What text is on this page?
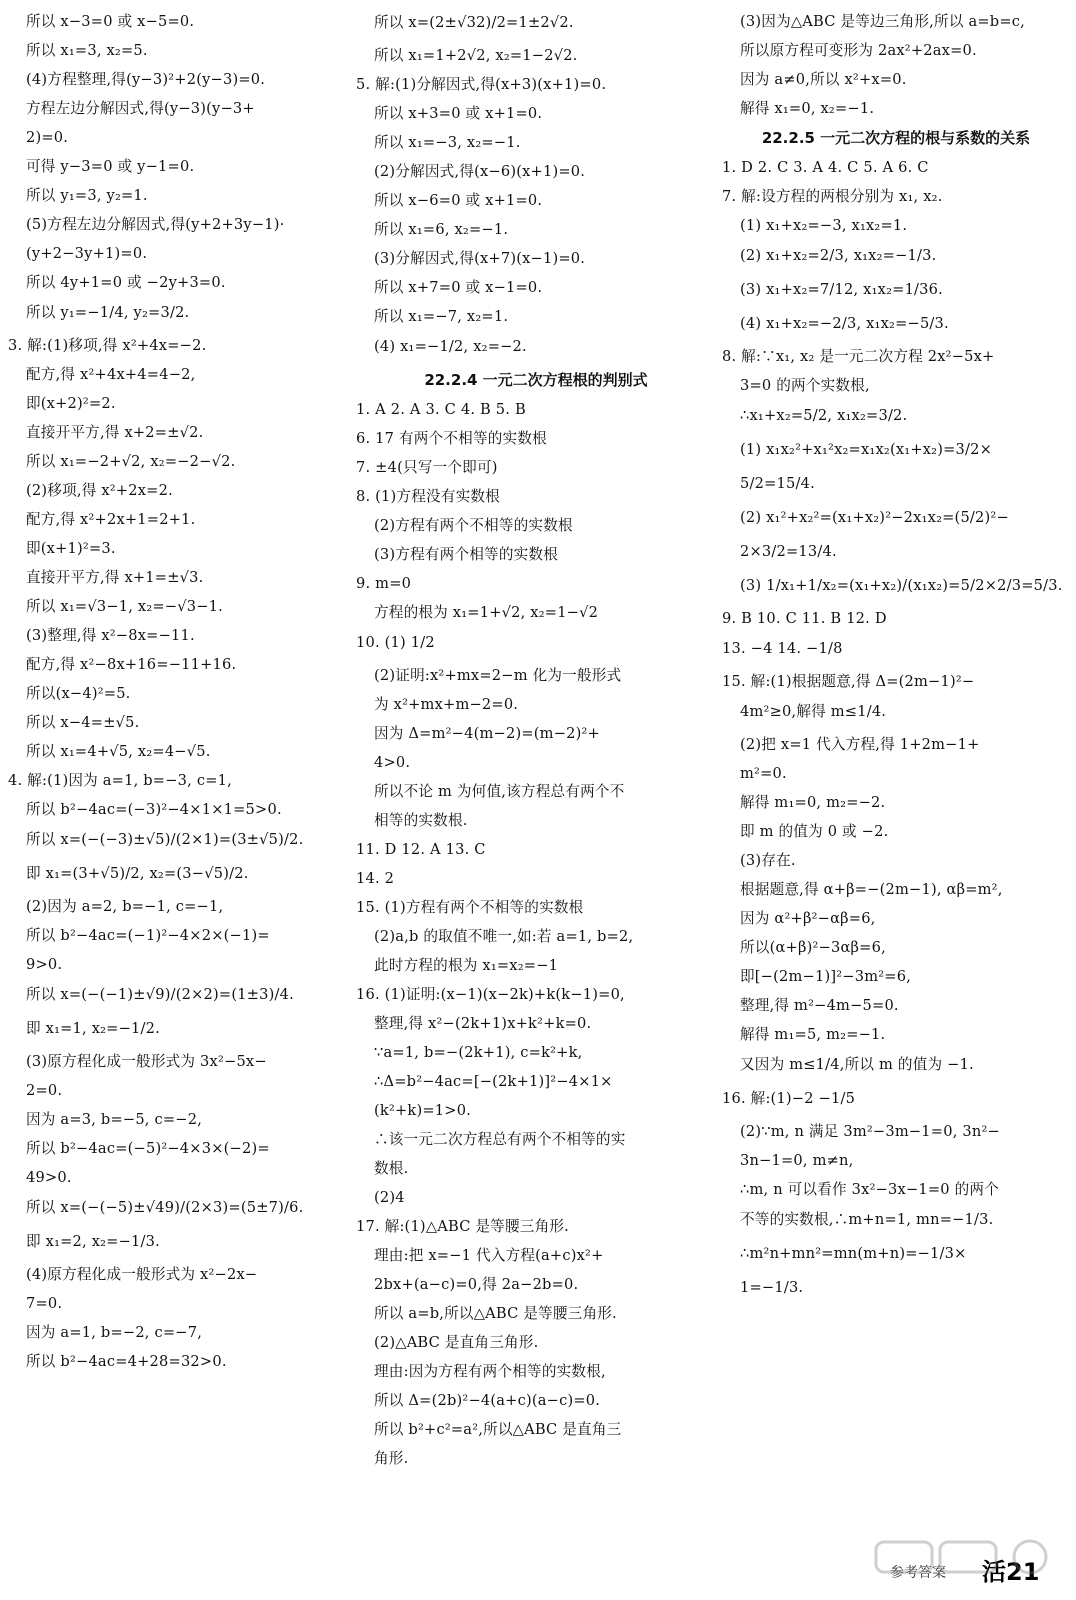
所以 x−3=0 或 x−5=0.
所以 x₁=3, x₂=5.
(4)方程整理,得(y−3)²+2(y−3)=0.
方程左边分解因式,得(y−3)(y−3+
2)=0.
可得 y−3=0 或 y−1=0.
所以 y₁=3, y₂=1.
(5)方程左边分解因式,得(y+2+3y−1)·
(y+2−3y+1)=0.
所以 4y+1=0 或 −2y+3=0.
所以 y₁=−1/4, y₂=3/2.
3. 解:(1)移项,得 x²+4x=−2.
配方,得 x²+4x+4=4−2,
即(x+2)²=2.
直接开平方,得 x+2=±√2.
所以 x₁=−2+√2, x₂=−2−√2.
(2)移项,得 x²+2x=2.
配方,得 x²+2x+1=2+1.
即(x+1)²=3.
直接开平方,得 x+1=±√3.
所以 x₁=√3−1, x₂=−√3−1.
(3)整理,得 x²−8x=−11.
配方,得 x²−8x+16=−11+16.
所以(x−4)²=5.
所以 x−4=±√5.
所以 x₁=4+√5, x₂=4−√5.
4. 解:(1)因为 a=1, b=−3, c=1,
所以 b²−4ac=(−3)²−4×1×1=5>0.
所以 x=(−(−3)±√5)/(2×1)=(3±√5)/2.
即 x₁=(3+√5)/2, x₂=(3−√5)/2.
(2)因为 a=2, b=−1, c=−1,
所以 b²−4ac=(−1)²−4×2×(−1)=
9>0.
所以 x=(−(−1)±√9)/(2×2)=(1±3)/4.
即 x₁=1, x₂=−1/2.
(3)原方程化成一般形式为 3x²−5x−
2=0.
因为 a=3, b=−5, c=−2,
所以 b²−4ac=(−5)²−4×3×(−2)=
49>0.
所以 x=(−(−5)±√49)/(2×3)=(5±7)/6.
即 x₁=2, x₂=−1/3.
(4)原方程化成一般形式为 x²−2x−
7=0.
因为 a=1, b=−2, c=−7,
所以 b²−4ac=4+28=32>0.
所以 x=(2±√32)/2=1±2√2.
所以 x₁=1+2√2, x₂=1−2√2.
5. 解:(1)分解因式,得(x+3)(x+1)=0.
所以 x+3=0 或 x+1=0.
所以 x₁=−3, x₂=−1.
(2)分解因式,得(x−6)(x+1)=0.
所以 x−6=0 或 x+1=0.
所以 x₁=6, x₂=−1.
(3)分解因式,得(x+7)(x−1)=0.
所以 x+7=0 或 x−1=0.
所以 x₁=−7, x₂=1.
(4) x₁=−1/2, x₂=−2.
22.2.4 一元二次方程根的判别式
1. A 2. A 3. C 4. B 5. B
6. 17 有两个不相等的实数根
7. ±4(只写一个即可)
8. (1)方程没有实数根
(2)方程有两个不相等的实数根
(3)方程有两个相等的实数根
9. m=0
方程的根为 x₁=1+√2, x₂=1−√2
10. (1) 1/2
(2)证明:x²+mx=2−m 化为一般形式
为 x²+mx+m−2=0.
因为 Δ=m²−4(m−2)=(m−2)²+
4>0.
所以不论 m 为何值,该方程总有两个不
相等的实数根.
11. D 12. A 13. C
14. 2
15. (1)方程有两个不相等的实数根
(2)a,b 的取值不唯一,如:若 a=1, b=2,
此时方程的根为 x₁=x₂=−1
16. (1)证明:(x−1)(x−2k)+k(k−1)=0,
整理,得 x²−(2k+1)x+k²+k=0.
∵a=1, b=−(2k+1), c=k²+k,
∴Δ=b²−4ac=[−(2k+1)]²−4×1×
(k²+k)=1>0.
∴该一元二次方程总有两个不相等的实
数根.
(2)4
17. 解:(1)△ABC 是等腰三角形.
理由:把 x=−1 代入方程(a+c)x²+
2bx+(a−c)=0,得 2a−2b=0.
所以 a=b,所以△ABC 是等腰三角形.
(2)△ABC 是直角三角形.
理由:因为方程有两个相等的实数根,
所以 Δ=(2b)²−4(a+c)(a−c)=0.
所以 b²+c²=a²,所以△ABC 是直角三
角形.
(3)因为△ABC 是等边三角形,所以 a=b=c,
所以原方程可变形为 2ax²+2ax=0.
因为 a≠0,所以 x²+x=0.
解得 x₁=0, x₂=−1.
22.2.5 一元二次方程的根与系数的关系
1. D 2. C 3. A 4. C 5. A 6. C
7. 解:设方程的两根分别为 x₁, x₂.
(1) x₁+x₂=−3, x₁x₂=1.
(2) x₁+x₂=2/3, x₁x₂=−1/3.
(3) x₁+x₂=7/12, x₁x₂=1/36.
(4) x₁+x₂=−2/3, x₁x₂=−5/3.
8. 解:∵x₁, x₂ 是一元二次方程 2x²−5x+
3=0 的两个实数根,
∴x₁+x₂=5/2, x₁x₂=3/2.
(1) x₁x₂²+x₁²x₂=x₁x₂(x₁+x₂)=3/2×
5/2=15/4.
(2) x₁²+x₂²=(x₁+x₂)²−2x₁x₂=(5/2)²−
2×3/2=13/4.
(3) 1/x₁+1/x₂=(x₁+x₂)/(x₁x₂)=5/2×2/3=5/3.
9. B 10. C 11. B 12. D
13. −4 14. −1/8
15. 解:(1)根据题意,得 Δ=(2m−1)²−
4m²≥0,解得 m≤1/4.
(2)把 x=1 代入方程,得 1+2m−1+
m²=0.
解得 m₁=0, m₂=−2.
即 m 的值为 0 或 −2.
(3)存在.
根据题意,得 α+β=−(2m−1), αβ=m²,
因为 α²+β²−αβ=6,
所以(α+β)²−3αβ=6,
即[−(2m−1)]²−3m²=6,
整理,得 m²−4m−5=0.
解得 m₁=5, m₂=−1.
又因为 m≤1/4,所以 m 的值为 −1.
16. 解:(1)−2 −1/5
(2)∵m, n 满足 3m²−3m−1=0, 3n²−
3n−1=0, m≠n,
∴m, n 可以看作 3x²−3x−1=0 的两个
不等的实数根,∴m+n=1, mn=−1/3.
∴m²n+mn²=mn(m+n)=−1/3×
1=−1/3.
参考答案 活21
